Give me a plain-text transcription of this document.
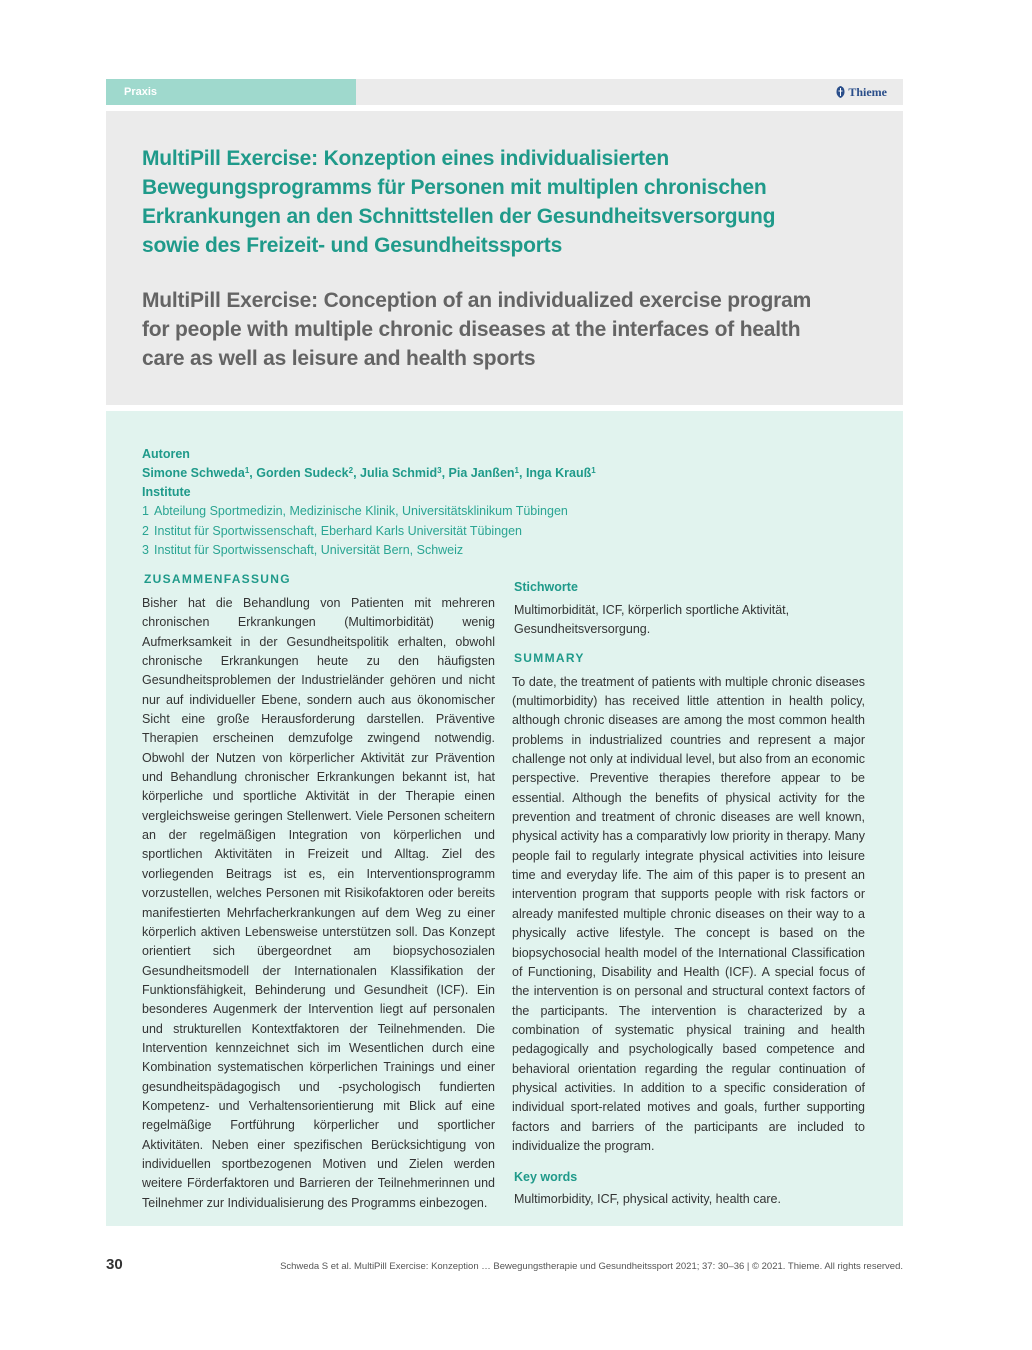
Praxis	Thieme
MultiPill Exercise: Konzeption eines individualisierten
Bewegungsprogramms für Personen mit multiplen chronischen
Erkrankungen an den Schnittstellen der Gesundheitsversorgung
sowie des Freizeit- und Gesundheitssports
MultiPill Exercise: Conception of an individualized exercise program
for people with multiple chronic diseases at the interfaces of health
care as well as leisure and health sports
Autoren
Simone Schweda$^1$, Gorden Sudeck$^2$, Julia Schmid$^3$, Pia Janßen$^1$, Inga Krauß$^1$
Institute
1 Abteilung Sportmedizin, Medizinische Klinik, Universitätsklinikum Tübingen
2 Institut für Sportwissenschaft, Eberhard Karls Universität Tübingen
3 Institut für Sportwissenschaft, Universität Bern, Schweiz
ZUSAMMENFASSUNG
Bisher hat die Behandlung von Patienten mit mehreren chronischen Erkrankungen (Multimorbidität) wenig Aufmerksamkeit in der Gesundheitspolitik erhalten, obwohl chronische Erkrankungen heute zu den häufigsten Gesundheitsproblemen der Industrieländer gehören und nicht nur auf individueller Ebene, sondern auch aus ökonomischer Sicht eine große Herausforderung darstellen. Präventive Therapien erscheinen demzufolge zwingend notwendig. Obwohl der Nutzen von körperlicher Aktivität zur Prävention und Behandlung chronischer Erkrankungen bekannt ist, hat körperliche und sportliche Aktivität in der Therapie einen vergleichsweise geringen Stellenwert. Viele Personen scheitern an der regelmäßigen Integration von körperlichen und sportlichen Aktivitäten in Freizeit und Alltag. Ziel des vorliegenden Beitrags ist es, ein Interventionsprogramm vorzustellen, welches Personen mit Risikofaktoren oder bereits manifestierten Mehrfacherkrankungen auf dem Weg zu einer körperlich aktiven Lebensweise unterstützen soll. Das Konzept orientiert sich übergeordnet am biopsychosozialen Gesundheitsmodell der Internationalen Klassifikation der Funktionsfähigkeit, Behinderung und Gesundheit (ICF). Ein besonderes Augenmerk der Intervention liegt auf personalen und strukturellen Kontextfaktoren der Teilnehmenden. Die Intervention kennzeichnet sich im Wesentlichen durch eine Kombination systematischen körperlichen Trainings und einer gesundheitspädagogisch und -psychologisch fundierten Kompetenz- und Verhaltensorientierung mit Blick auf eine regelmäßige Fortführung körperlicher und sportlicher Aktivitäten. Neben einer spezifischen Berücksichtigung von individuellen sportbezogenen Motiven und Zielen werden weitere Förderfaktoren und Barrieren der Teilnehmerinnen und Teilnehmer zur Individualisierung des Programms einbezogen.
Stichworte
Multimorbidität, ICF, körperlich sportliche Aktivität,
Gesundheitsversorgung.
SUMMARY
To date, the treatment of patients with multiple chronic diseases (multimorbidity) has received little attention in health policy, although chronic diseases are among the most common health problems in industrialized countries and represent a major challenge not only at individual level, but also from an economic perspective. Preventive therapies therefore appear to be essential. Although the benefits of physical activity for the prevention and treatment of chronic diseases are well known, physical activity has a comparativly low priority in therapy. Many people fail to regularly integrate physical activities into leisure time and everyday life. The aim of this paper is to present an intervention program that supports people with risk factors or already manifested multiple chronic diseases on their way to a physically active lifestyle. The concept is based on the biopsychosocial health model of the International Classification of Functioning, Disability and Health (ICF). A special focus of the intervention is on personal and structural context factors of the participants. The intervention is characterized by a combination of systematic physical training and health pedagogically and psychologically based competence and behavioral orientation regarding the regular continuation of physical activities. In addition to a specific consideration of individual sport-related motives and goals, further supporting factors and barriers of the participants are included to individualize the program.
Key words
Multimorbidity, ICF, physical activity, health care.
30	Schweda S et al. MultiPill Exercise: Konzeption … Bewegungstherapie und Gesundheitssport 2021; 37: 30–36 | © 2021. Thieme. All rights reserved.
